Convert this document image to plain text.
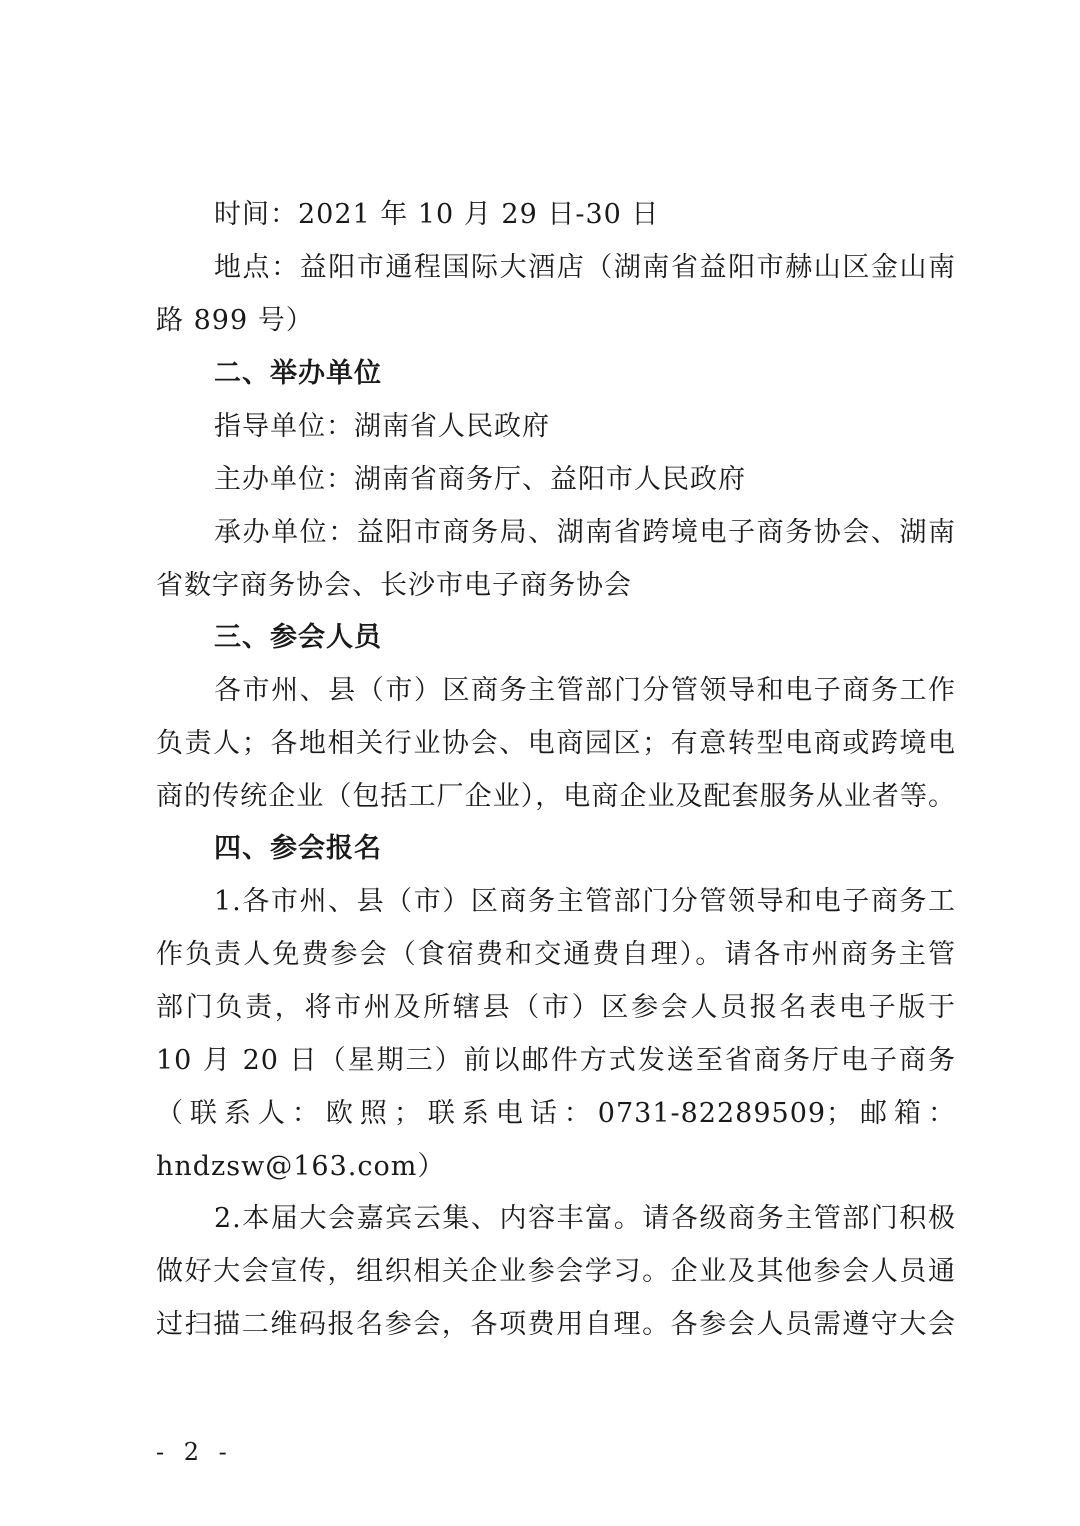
时间：2021 年 10 月 29 日-30 日
地点：益阳市通程国际大酒店（湖南省益阳市赫山区金山南
路 899 号）
二、举办单位
指导单位：湖南省人民政府
主办单位：湖南省商务厅、益阳市人民政府
承办单位：益阳市商务局、湖南省跨境电子商务协会、湖南
省数字商务协会、长沙市电子商务协会
三、参会人员
各市州、县（市）区商务主管部门分管领导和电子商务工作
负责人；各地相关行业协会、电商园区；有意转型电商或跨境电
商的传统企业（包括工厂企业），电商企业及配套服务从业者等。
四、参会报名
1.各市州、县（市）区商务主管部门分管领导和电子商务工
作负责人免费参会（食宿费和交通费自理）。请各市州商务主管
部门负责，将市州及所辖县（市）区参会人员报名表电子版于
10 月 20 日（星期三）前以邮件方式发送至省商务厅电子商务
（联系人：欧照；联系电话：0731-82289509；邮箱：
hndzsw@163.com）
2.本届大会嘉宾云集、内容丰富。请各级商务主管部门积极
做好大会宣传，组织相关企业参会学习。企业及其他参会人员通
过扫描二维码报名参会，各项费用自理。各参会人员需遵守大会
- 2 -
